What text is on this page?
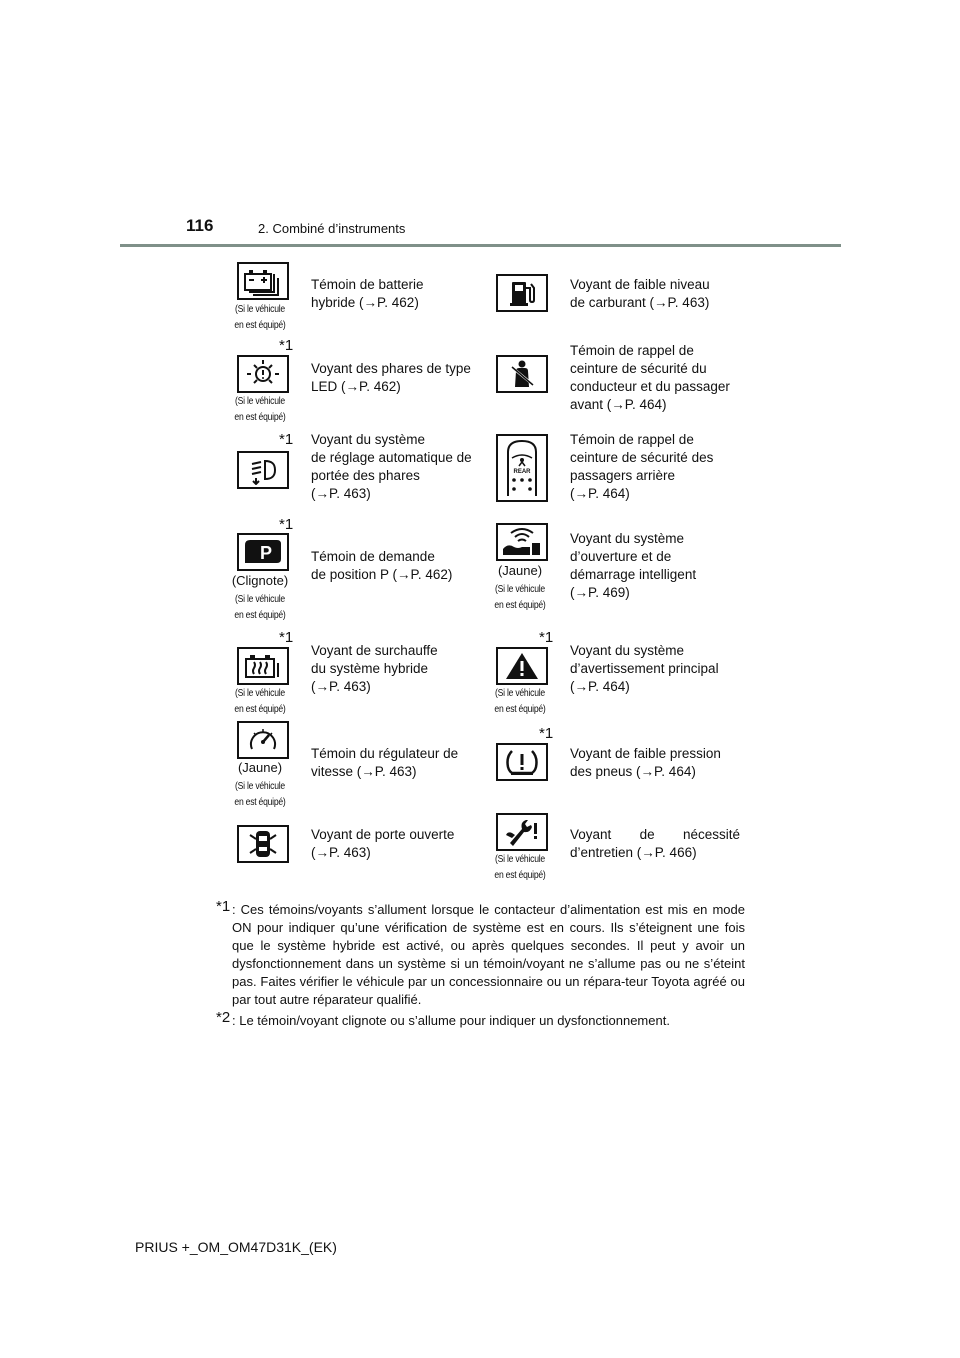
116	2. Combiné d’instruments
(Si le véhicule
en est équipé)
Témoin de batterie
hybride (→P. 462)
*1
(Si le véhicule
en est équipé)
Voyant des phares de type
LED (→P. 462)
*1 Voyant du système
de réglage automatique de
portée des phares
(→P. 463)
*1
P
(Clignote)
(Si le véhicule
en est équipé)
Témoin de demande
de position P (→P. 462)
*1
(Si le véhicule
en est équipé)
Voyant de surchauffe
du système hybride
(→P. 463)
(Jaune)
(Si le véhicule
en est équipé)
Témoin du régulateur de
vitesse (→P. 463)
Voyant de porte ouverte
(→P. 463)
Voyant de faible niveau
de carburant (→P. 463)
Témoin de rappel de
ceinture de sécurité du
conducteur et du passager
avant (→P. 464)
REAR
Témoin de rappel de
ceinture de sécurité des
passagers arrière
(→P. 464)
(Jaune)
(Si le véhicule
en est équipé)
Voyant du système
d’ouverture et de
démarrage intelligent
(→P. 469)
*1
(Si le véhicule
en est équipé)
Voyant du système
d’avertissement principal
(→P. 464)
*1
Voyant de faible pression
des pneus (→P. 464)
(Si le véhicule
en est équipé)
Voyant de nécessité
d’entretien (→P. 466)
*1 : Ces témoins/voyants s’allument lorsque le contacteur d’alimentation est mis en mode ON pour indiquer qu’une vérification de système est en cours. Ils s’éteignent une fois que le système hybride est activé, ou après quelques secondes. Il peut y avoir un dysfonctionnement dans un système si un témoin/voyant ne s’allume pas ou ne s’éteint pas. Faites vérifier le véhicule par un concessionnaire ou un répara-teur Toyota agréé ou par tout autre réparateur qualifié.
*2 : Le témoin/voyant clignote ou s’allume pour indiquer un dysfonctionnement.
PRIUS +_OM_OM47D31K_(EK)
